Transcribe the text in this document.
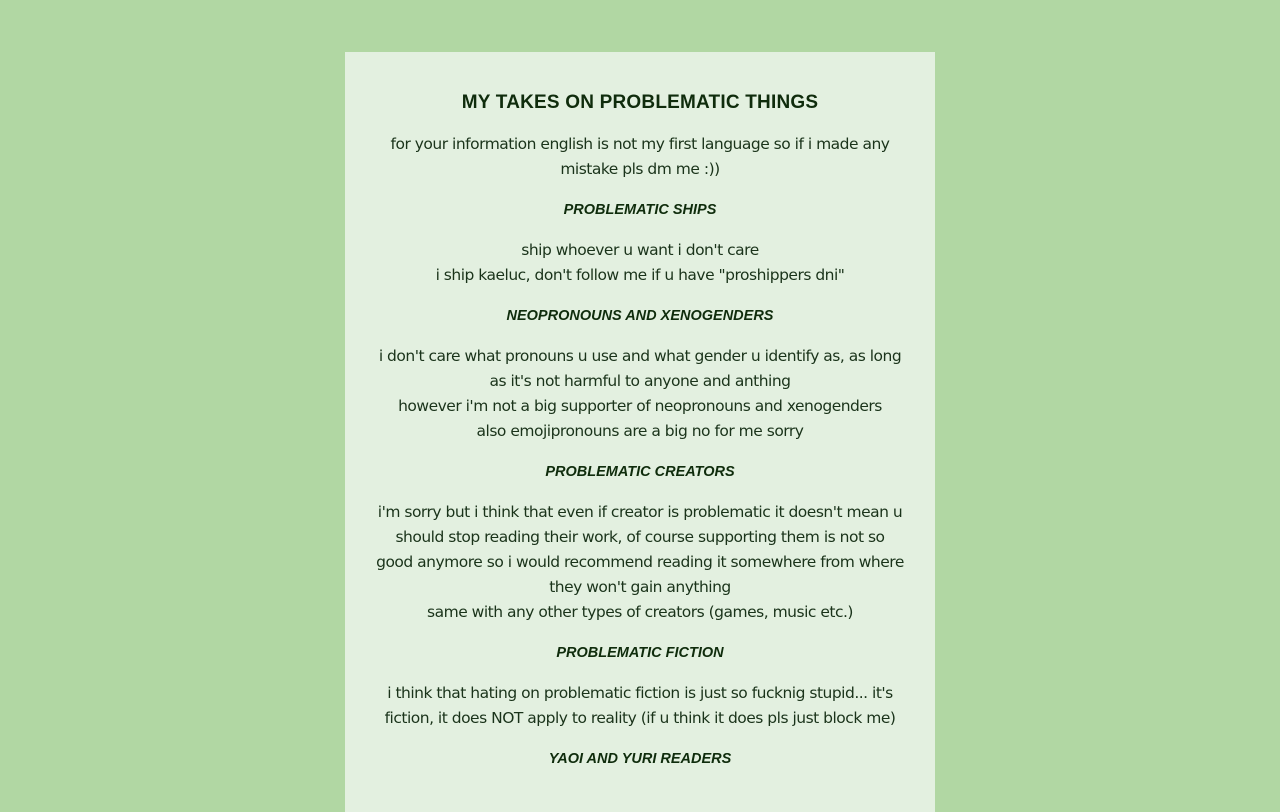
MY TAKES ON PROBLEMATIC THINGS

for your information english is not my first language so if i made any mistake pls dm me :))

PROBLEMATIC SHIPS

ship whoever u want i don't care
i ship kaeluc, don't follow me if u have "proshippers dni"

NEOPRONOUNS AND XENOGENDERS

i don't care what pronouns u use and what gender u identify as, as long as it's not harmful to anyone and anthing
however i'm not a big supporter of neopronouns and xenogenders
also emojipronouns are a big no for me sorry

PROBLEMATIC CREATORS

i'm sorry but i think that even if creator is problematic it doesn't mean u should stop reading their work, of course supporting them is not so good anymore so i would recommend reading it somewhere from where they won't gain anything
same with any other types of creators (games, music etc.)

PROBLEMATIC FICTION

i think that hating on problematic fiction is just so fucknig stupid... it's fiction, it does NOT apply to reality (if u think it does pls just block me)

YAOI AND YURI READERS
